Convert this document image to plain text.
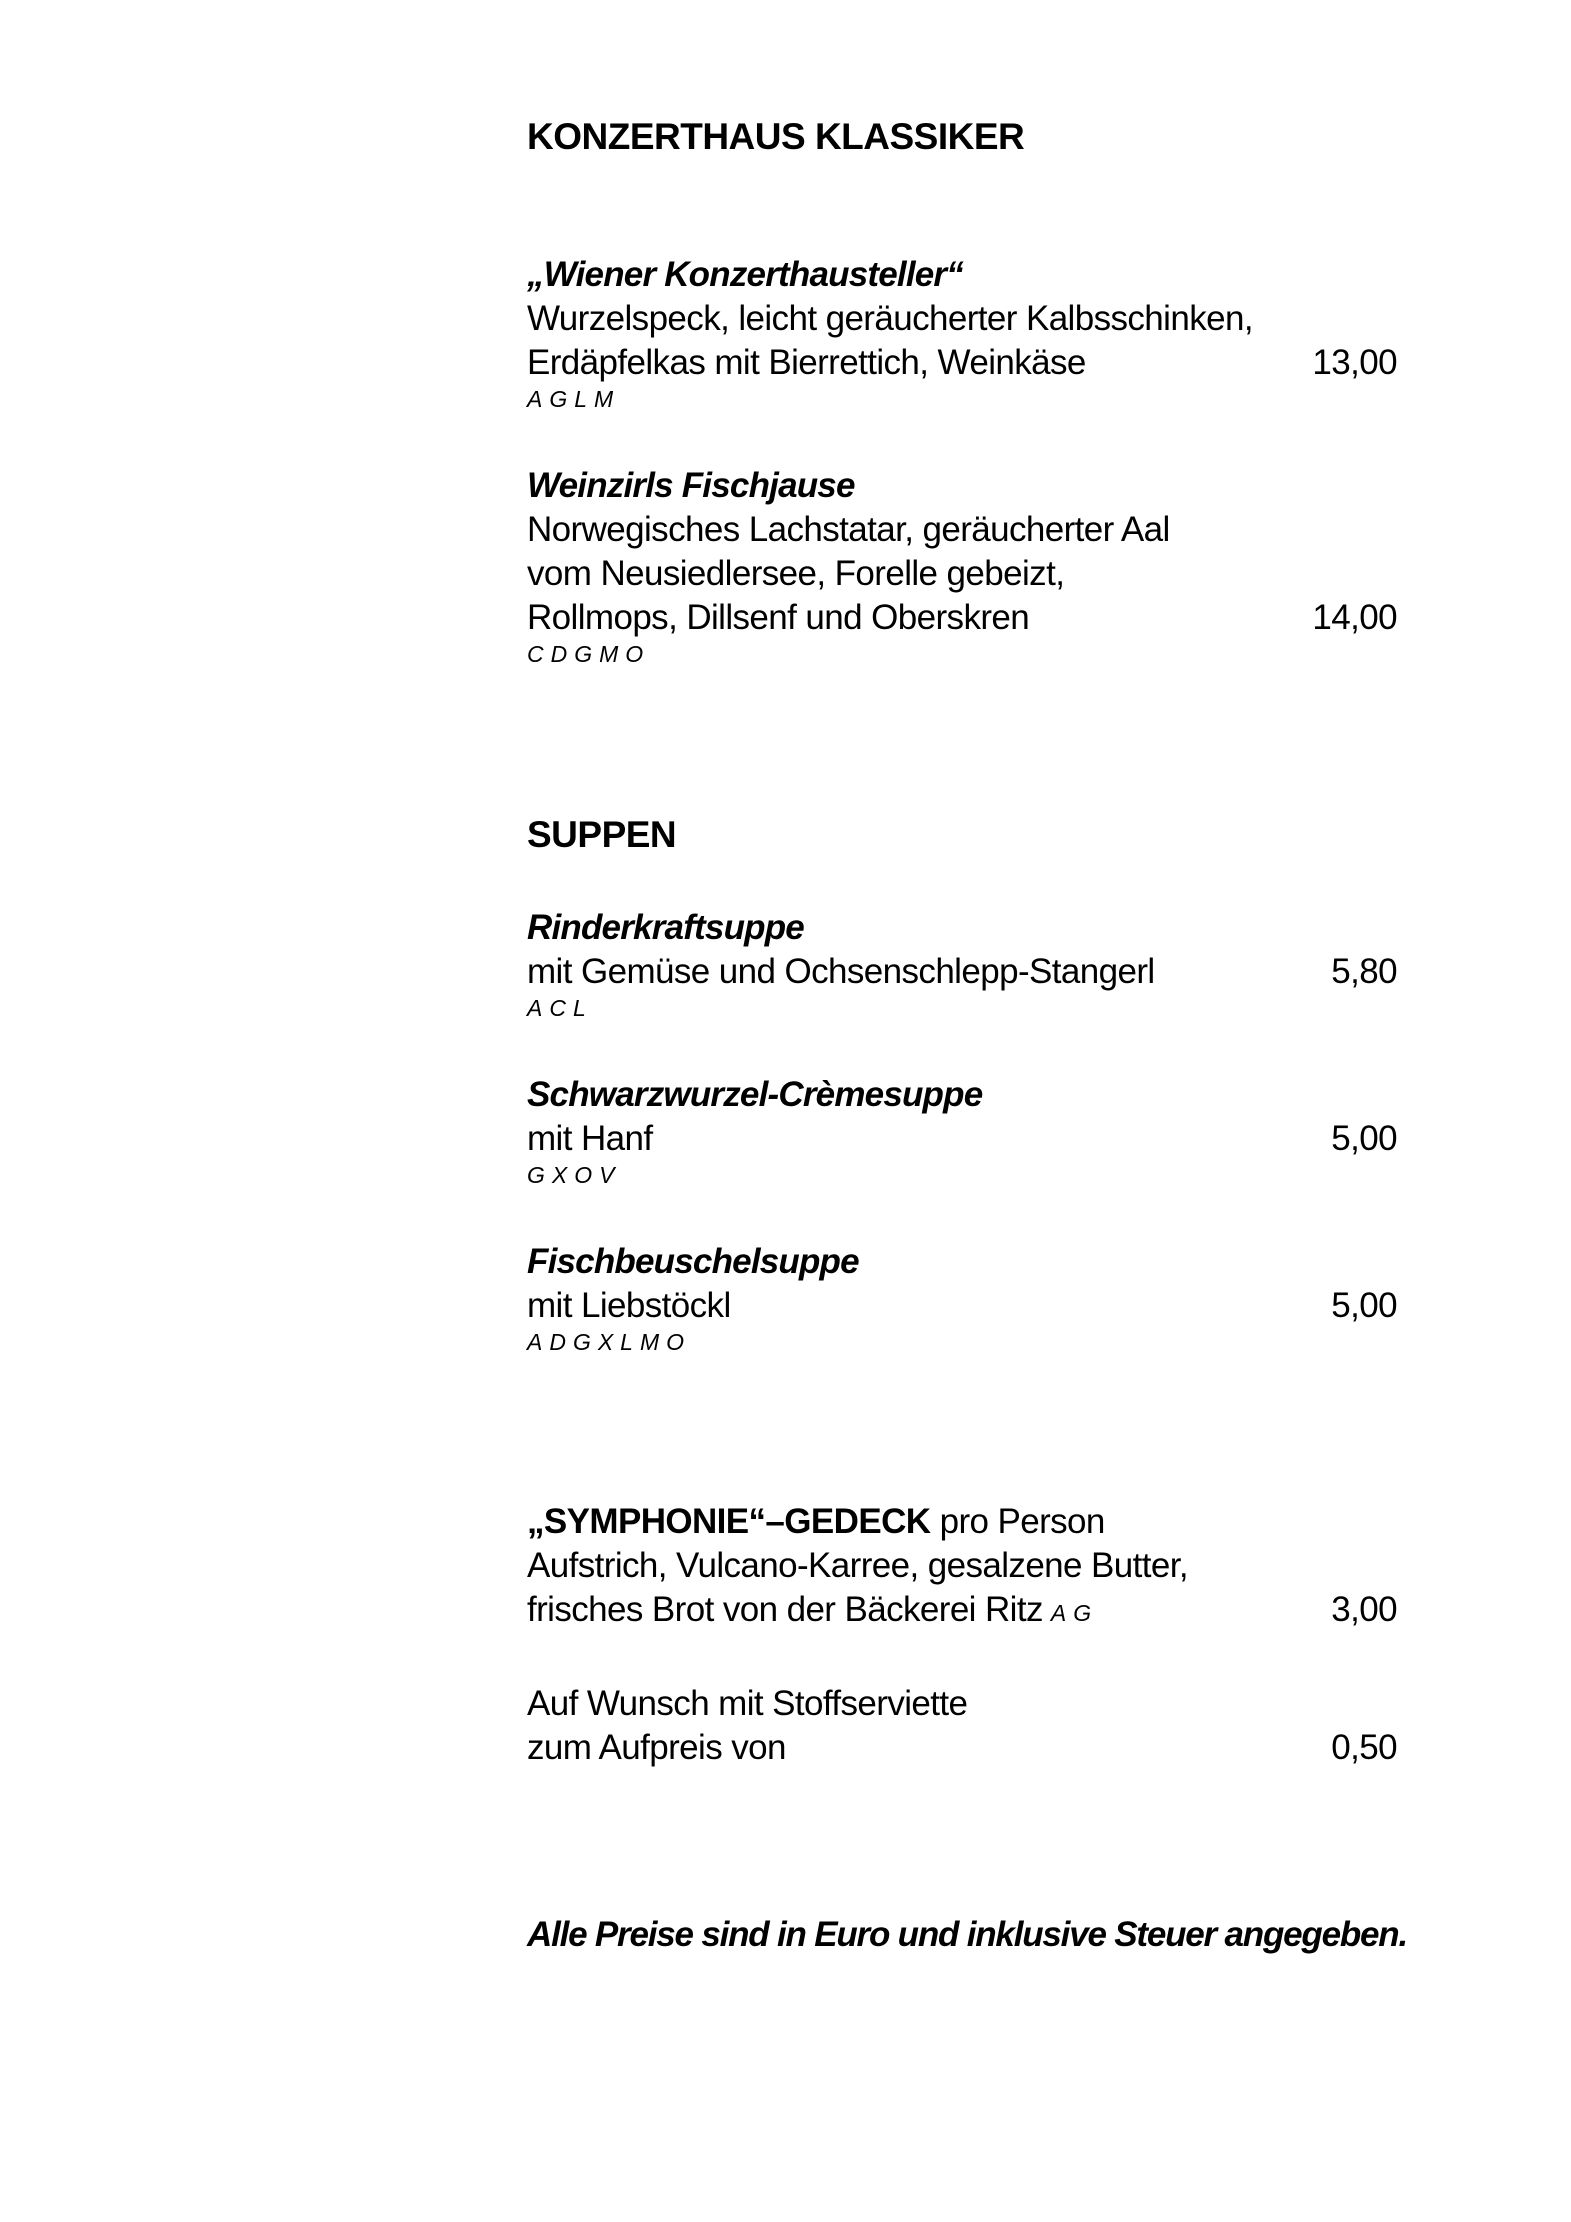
KONZERTHAUS KLASSIKER
„Wiener Konzerthausteller“
Wurzelspeck, leicht geräucherter Kalbsschinken,
Erdäpfelkas mit Bierrettich, Weinkäse	13,00
AGLM
Weinzirls Fischjause
Norwegisches Lachstatar, geräucherter Aal
vom Neusiedlersee, Forelle gebeizt,
Rollmops, Dillsenf und Oberskren	14,00
CDGMO
SUPPEN
Rinderkraftsuppe
mit Gemüse und Ochsenschlepp-Stangerl	5,80
ACL
Schwarzwurzel-Crèmesuppe
mit Hanf	5,00
GXOV
Fischbeuschelsuppe
mit Liebstöckl	5,00
ADGXLMO
„SYMPHONIE“–GEDECK pro Person
Aufstrich, Vulcano-Karree, gesalzene Butter,
frisches Brot von der Bäckerei Ritz AG	3,00
Auf Wunsch mit Stoffserviette
zum Aufpreis von	0,50
Alle Preise sind in Euro und inklusive Steuer angegeben.
